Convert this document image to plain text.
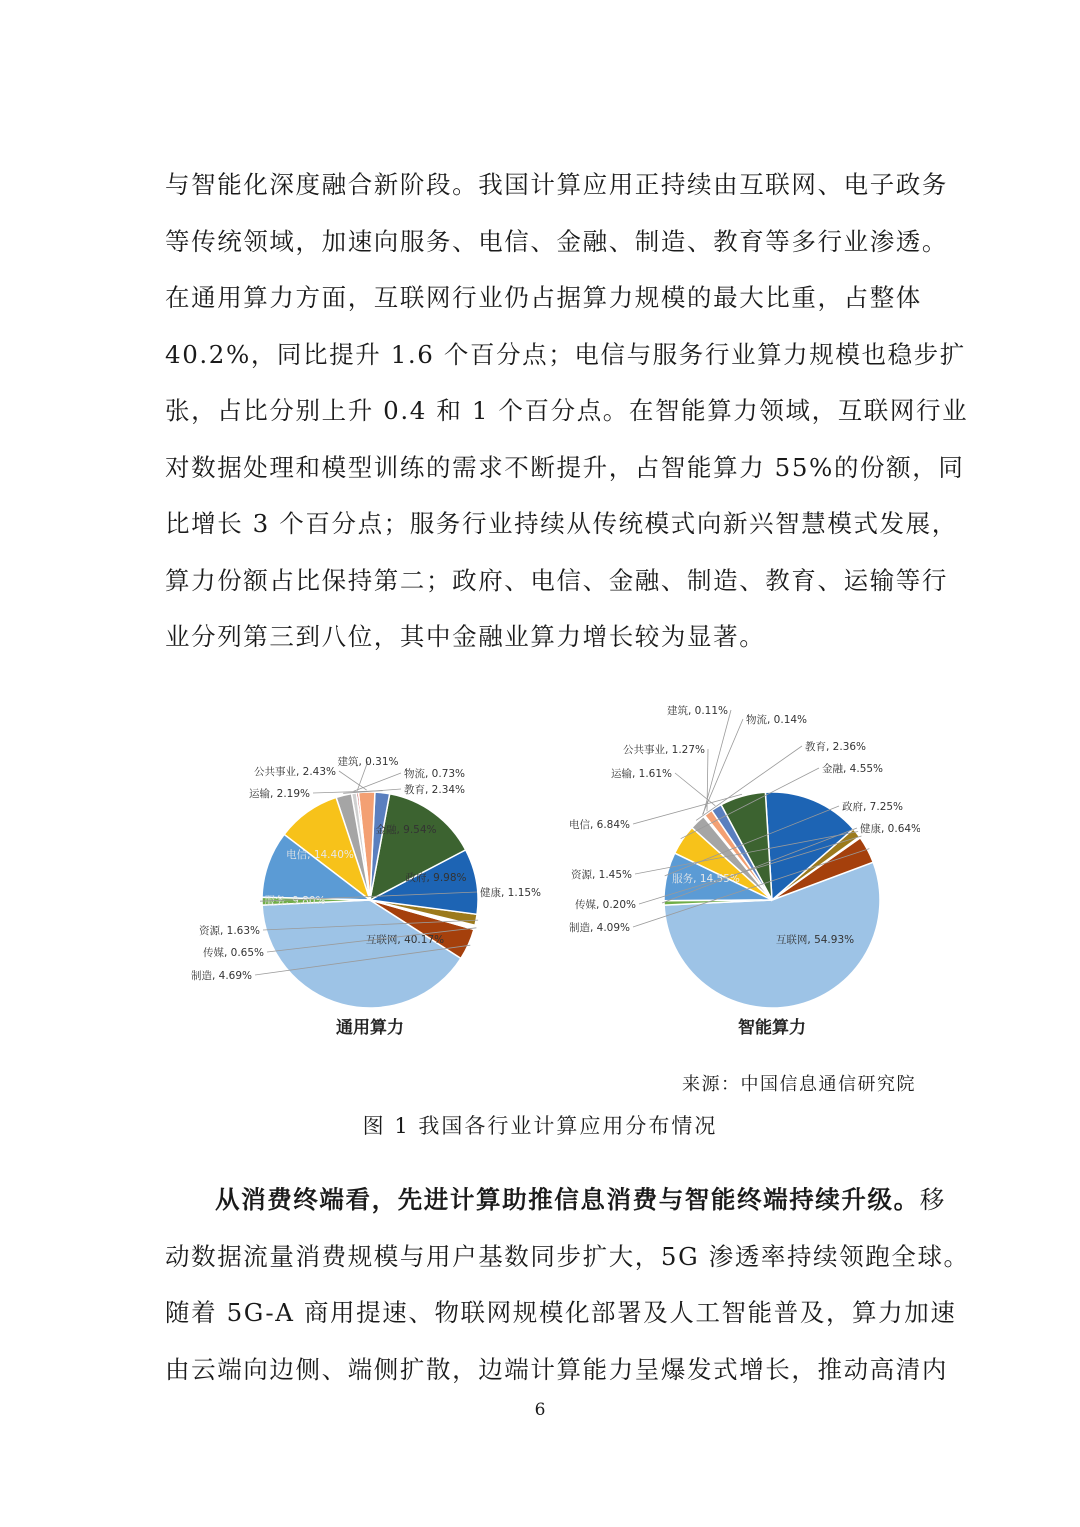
与智能化深度融合新阶段。我国计算应用正持续由互联网、电子政务
等传统领域，加速向服务、电信、金融、制造、教育等多行业渗透。
在通用算力方面，互联网行业仍占据算力规模的最大比重，占整体
40.2%，同比提升 1.6 个百分点；电信与服务行业算力规模也稳步扩
张，占比分别上升 0.4 和 1 个百分点。在智能算力领域，互联网行业
对数据处理和模型训练的需求不断提升，占智能算力 55%的份额，同
比增长 3 个百分点；服务行业持续从传统模式向新兴智慧模式发展，
算力份额占比保持第二；政府、电信、金融、制造、教育、运输等行
业分列第三到八位，其中金融业算力增长较为显著。
互联网, 40.17%
制造, 4.69%
传媒, 0.65%
资源, 1.63%
服务, 9.80%
电信, 14.40%
运输, 2.19%
公共事业, 2.43%
建筑, 0.31%
物流, 0.73%
教育, 2.34%
金融, 9.54%
政府, 9.98%
健康, 1.15%
通用算力
互联网, 54.93%
制造, 4.09%
传媒, 0.20%
资源, 1.45%	服务, 14.55%
电信, 6.84%
运输, 1.61%
公共事业, 1.27%
建筑, 0.11%
物流, 0.14%
教育, 2.36%
金融, 4.55%
政府, 7.25%
健康, 0.64%
智能算力
来源：中国信息通信研究院
图 1 我国各行业计算应用分布情况
从消费终端看，先进计算助推信息消费与智能终端持续升级。移
动数据流量消费规模与用户基数同步扩大，5G 渗透率持续领跑全球。
随着 5G-A 商用提速、物联网规模化部署及人工智能普及，算力加速
由云端向边侧、端侧扩散，边端计算能力呈爆发式增长，推动高清内
6
